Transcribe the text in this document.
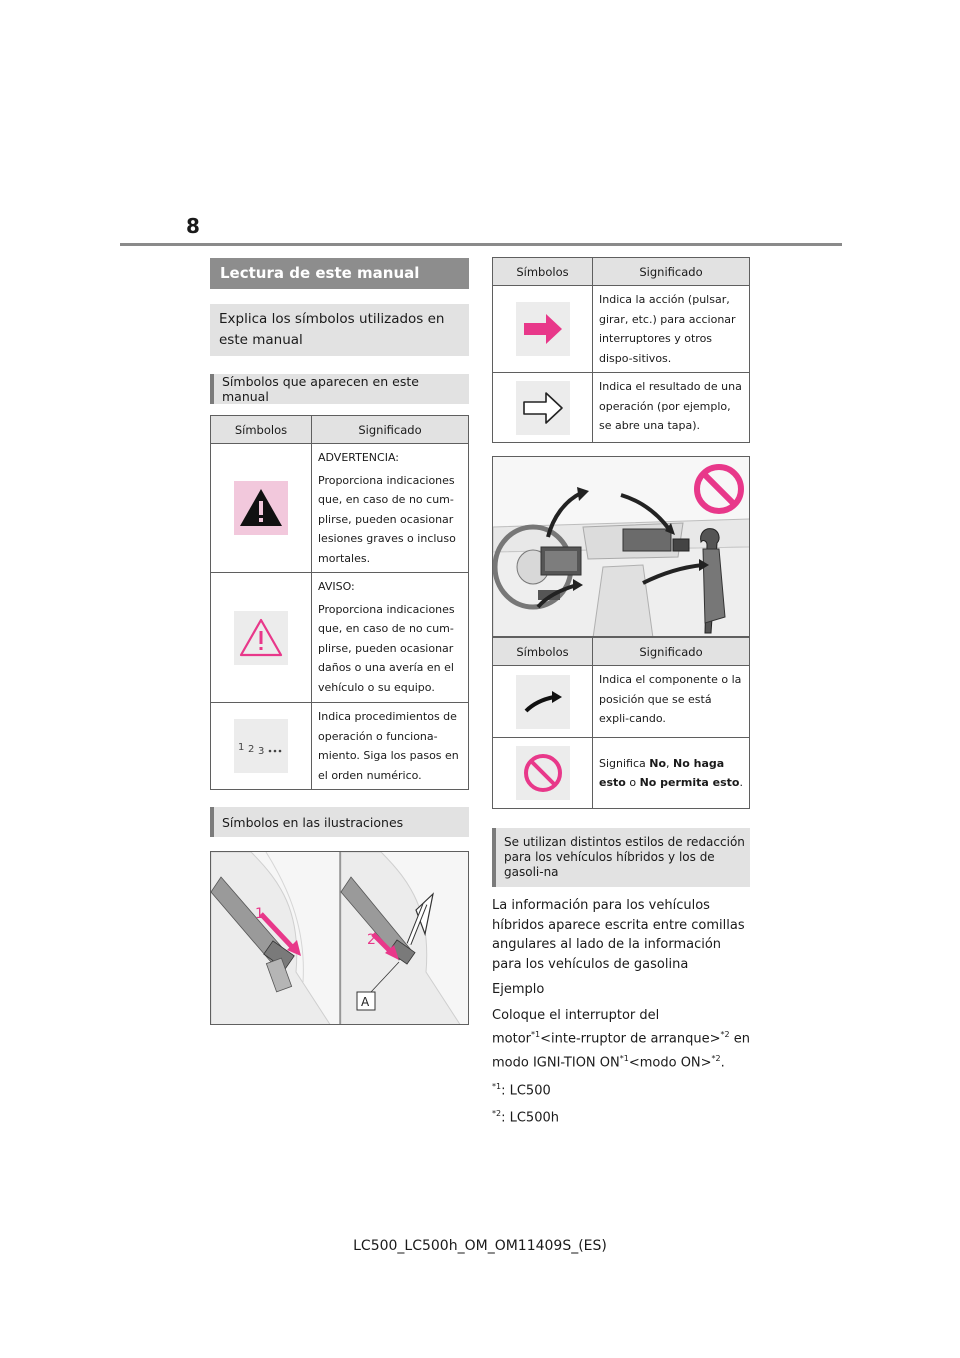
8
Lectura de este manual
Explica los símbolos utilizados en este manual
Símbolos que aparecen en este manual
Símbolos	Significado

ADVERTENCIA:
Proporciona indicaciones que, en caso de no cum-plirse, pueden ocasionar lesiones graves o incluso mortales.

AVISO:
Proporciona indicaciones que, en caso de no cum-plirse, pueden ocasionar daños o una avería en el vehículo o su equipo.

1 2 3	Indica procedimientos de operación o funciona-miento. Siga los pasos en el orden numérico.
Símbolos en las ilustraciones
1
2
A
Símbolos	Significado

Indica la acción (pulsar, girar, etc.) para accionar interruptores y otros dispo-sitivos.

Indica el resultado de una operación (por ejemplo, se abre una tapa).
Símbolos	Significado

Indica el componente o la posición que se está expli-cando.

Significa No, No haga esto o No permita esto.
Se utilizan distintos estilos de redacción para los vehículos híbridos y los de gasoli-na

La información para los vehículos híbridos aparece escrita entre comillas angulares al lado de la información para los vehículos de gasolina

Ejemplo

Coloque el interruptor del motor$^{*1}$<inte-rruptor de arranque>$^{*2}$ en modo IGNI-TION $ON^{*1}<modo$ ON>$^{*2}$.

$^{*1}$: LC500

$^{*2}$: LC500h

LC500_LC500h_OM_OM11409S_(ES)
